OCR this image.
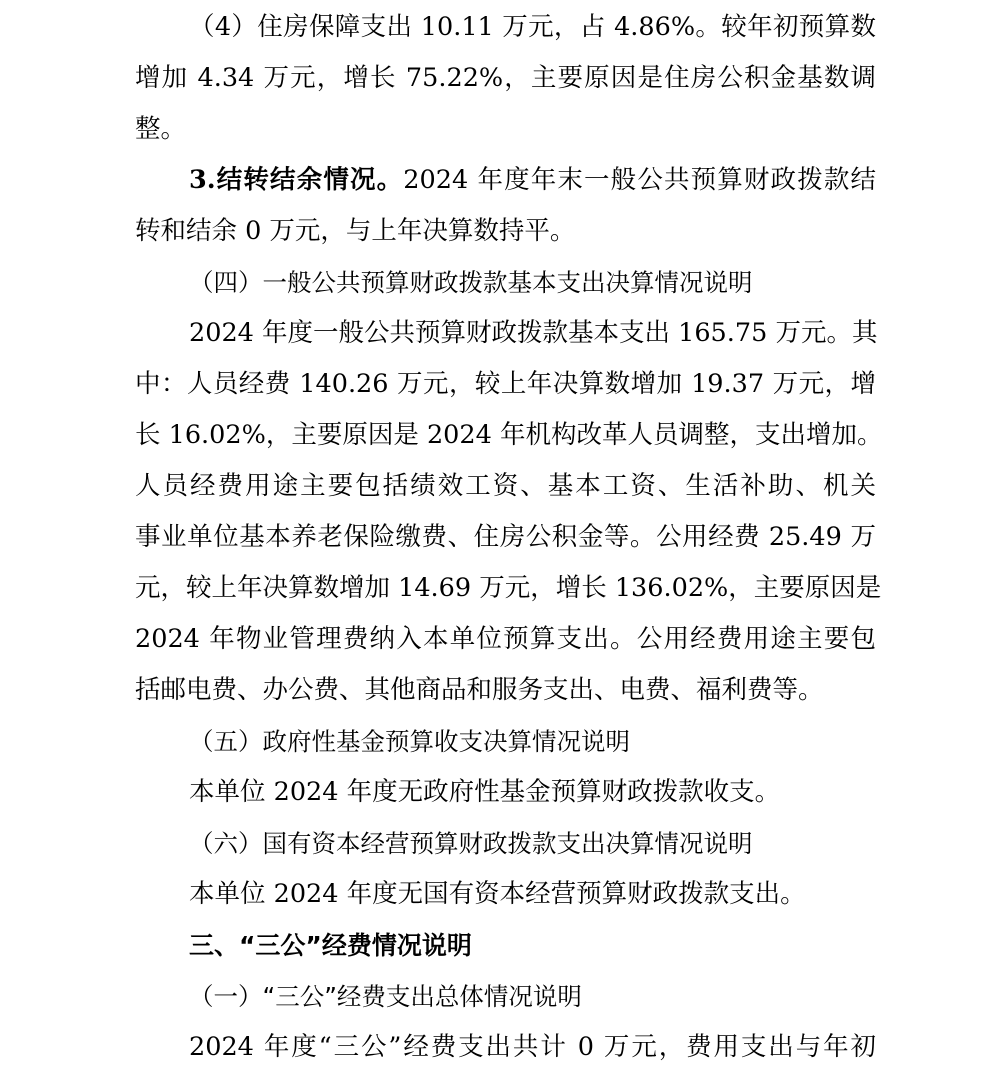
（4）住房保障支出 10.11 万元，占 4.86%。较年初预算数
增加 4.34 万元，增长 75.22%，主要原因是住房公积金基数调
整。
3.结转结余情况。2024 年度年末一般公共预算财政拨款结
转和结余 0 万元，与上年决算数持平。
（四）一般公共预算财政拨款基本支出决算情况说明
2024 年度一般公共预算财政拨款基本支出 165.75 万元。其
中：人员经费 140.26 万元，较上年决算数增加 19.37 万元，增
长 16.02%，主要原因是 2024 年机构改革人员调整，支出增加。
人员经费用途主要包括绩效工资、基本工资、生活补助、机关
事业单位基本养老保险缴费、住房公积金等。公用经费 25.49 万
元，较上年决算数增加 14.69 万元，增长 136.02%，主要原因是
2024 年物业管理费纳入本单位预算支出。公用经费用途主要包
括邮电费、办公费、其他商品和服务支出、电费、福利费等。
（五）政府性基金预算收支决算情况说明
本单位 2024 年度无政府性基金预算财政拨款收支。
（六）国有资本经营预算财政拨款支出决算情况说明
本单位 2024 年度无国有资本经营预算财政拨款支出。
三、“三公”经费情况说明
（一）“三公”经费支出总体情况说明
2024 年度“三公”经费支出共计 0 万元，费用支出与年初
